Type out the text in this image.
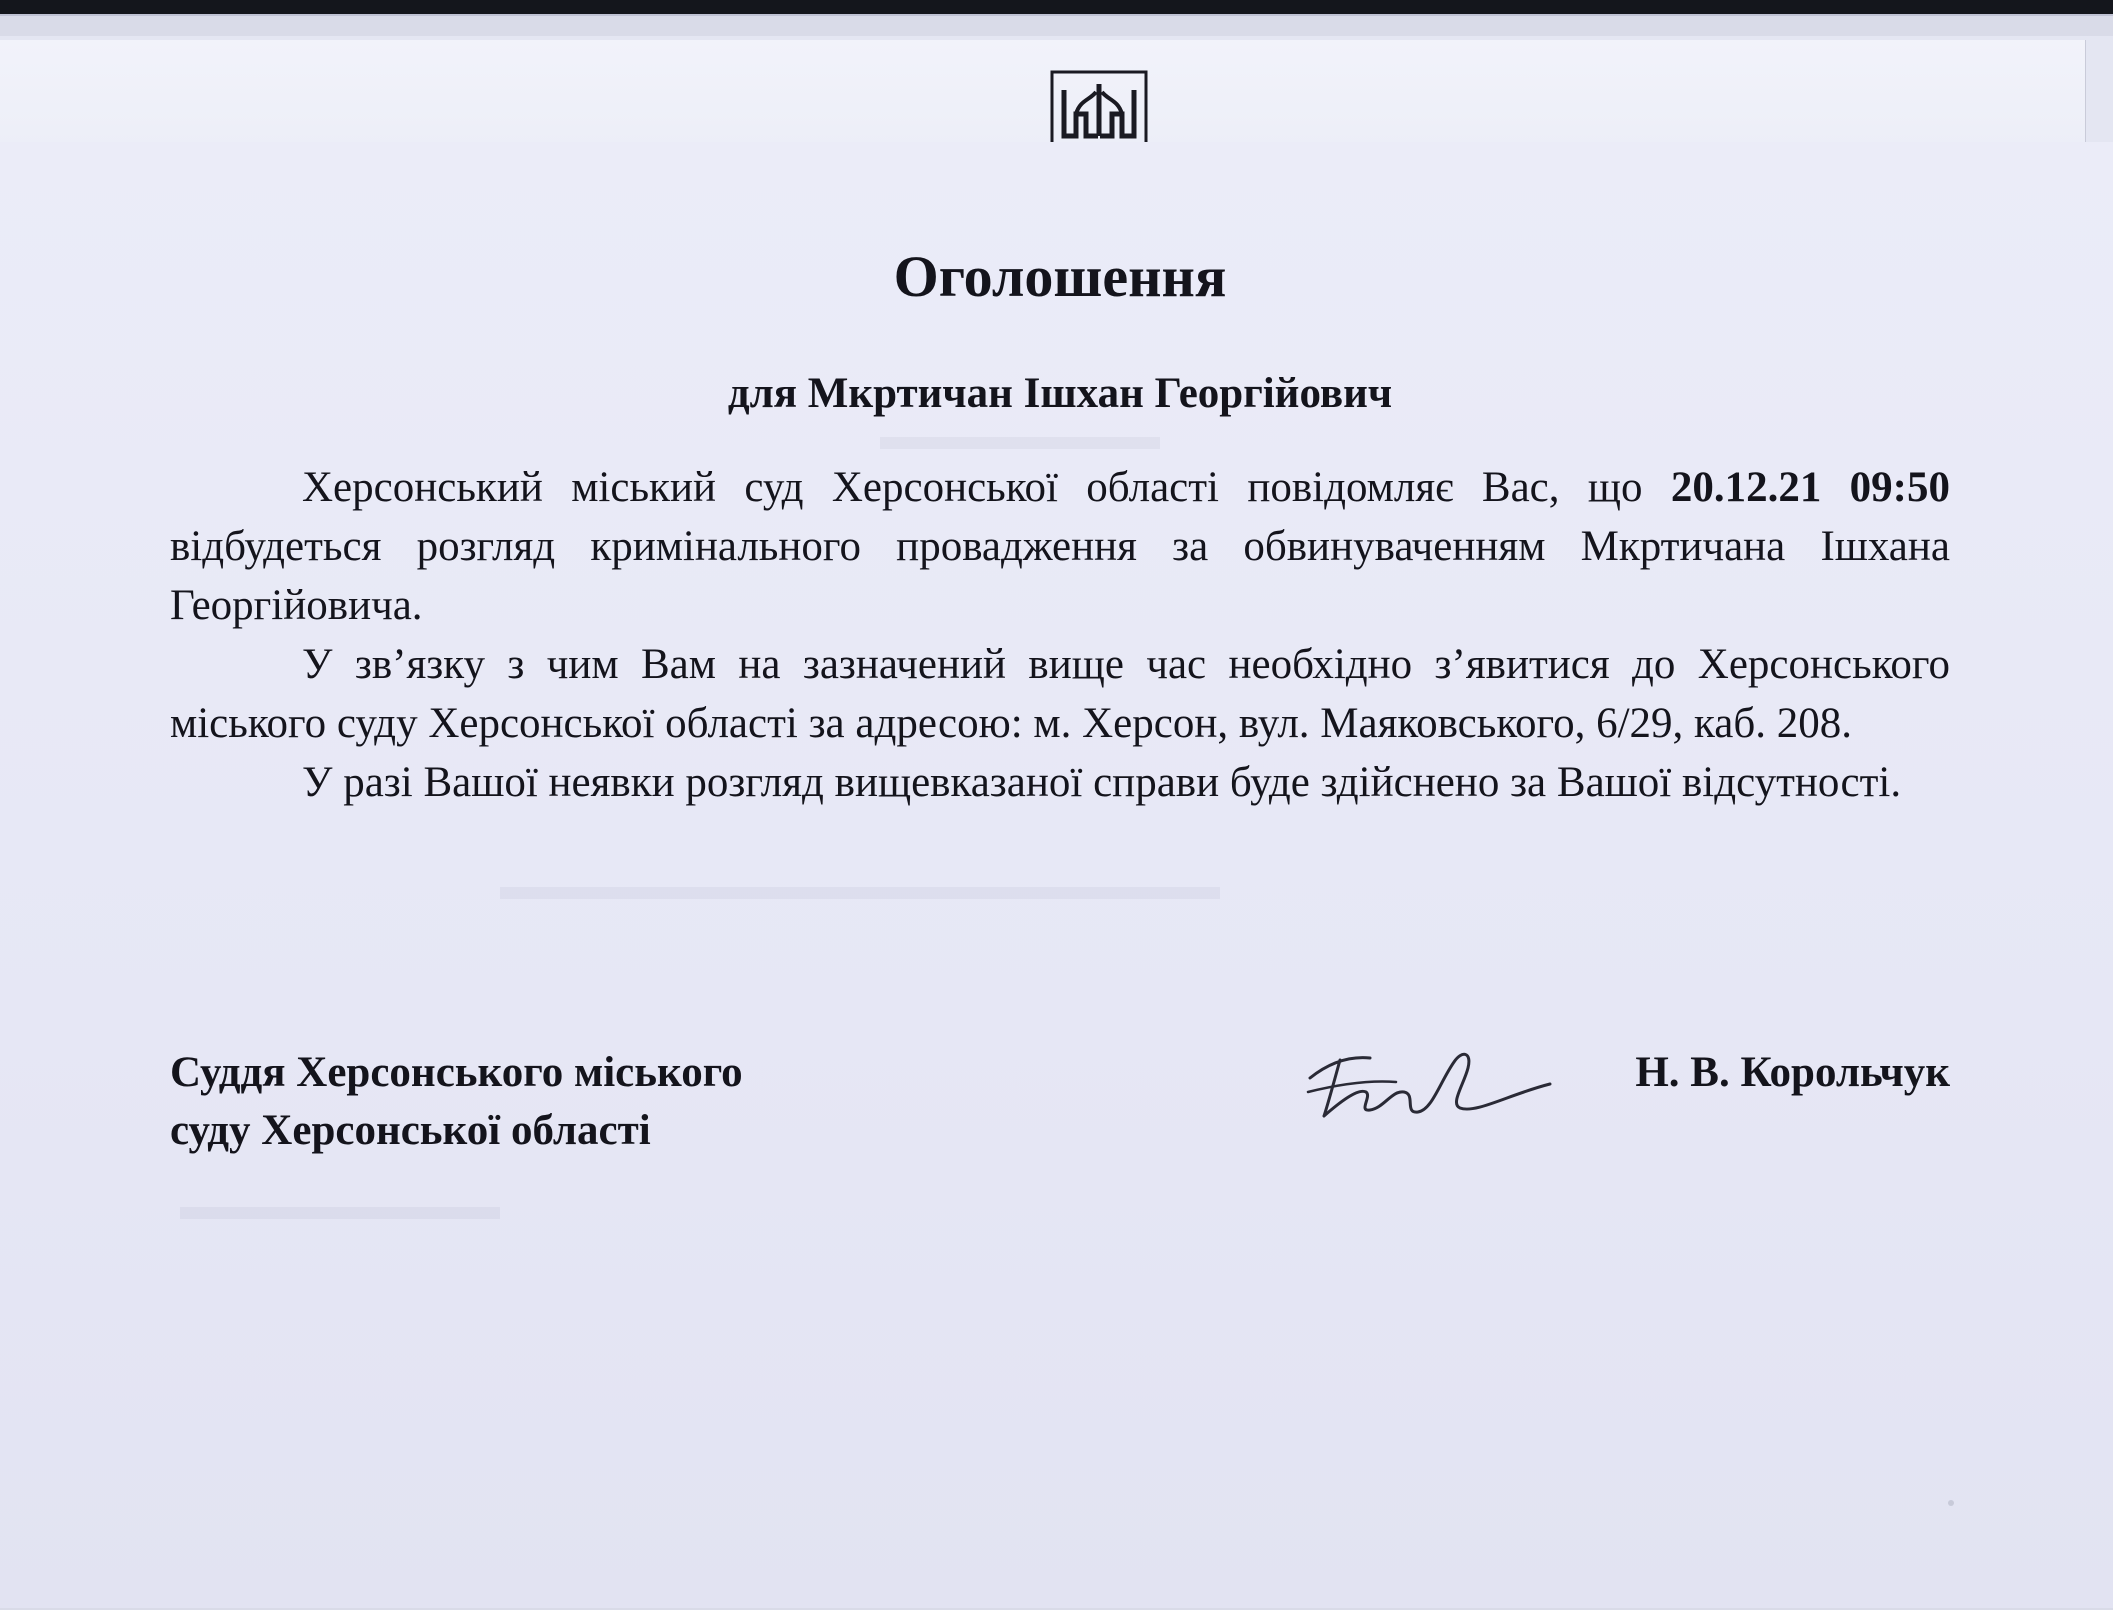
▬▬▬▬▬▬▬
▬▬▬▬▬▬▬▬▬▬▬▬▬▬▬▬▬▬
▬▬▬▬▬▬▬▬
Оголошення
для Мкртичан Ішхан Георгійович

Херсонський міський суд Херсонської області повідомляє Вас, що 20.12.21 09:50 відбудеться розгляд кримінального провадження за обвинуваченням Мкртичана Ішхана Георгійовича.

У зв’язку з чим Вам на зазначений вище час необхідно з’явитися до Херсонського міського суду Херсонської області за адресою: м. Херсон, вул. Маяковського, 6/29, каб. 208.

У разі Вашої неявки розгляд вищевказаної справи буде здійснено за Вашої відсутності.

Суддя Херсонського міського
суду Херсонської області
Н. В. Корольчук
